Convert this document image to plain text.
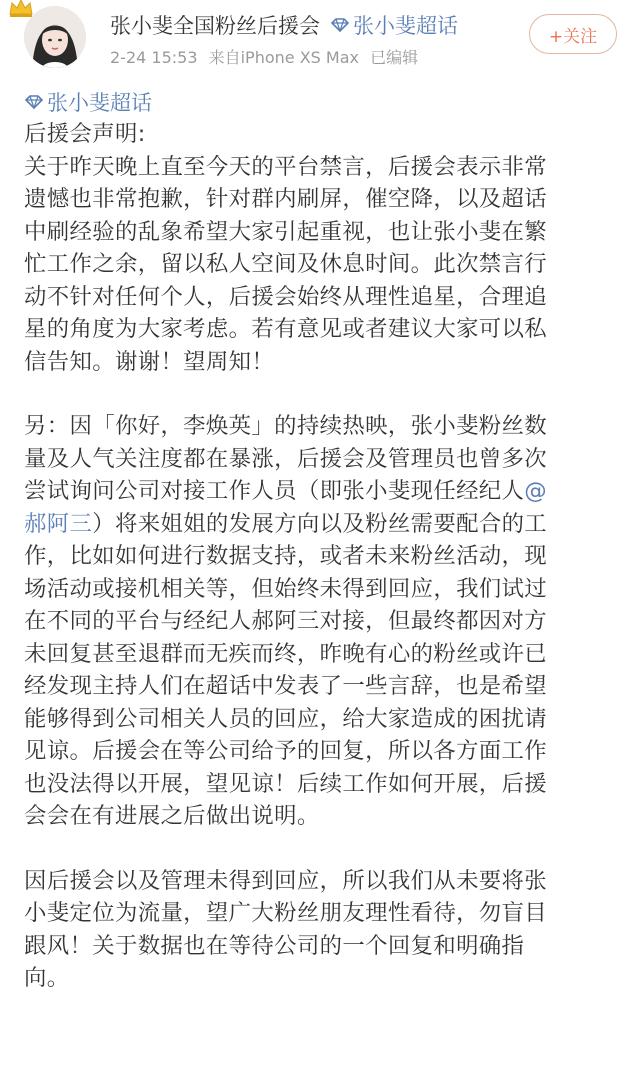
张小斐全国粉丝后援会 张小斐超话
2-24 15:53 来自iPhone XS Max 已编辑
+关注
张小斐超话
后援会声明:
关于昨天晚上直至今天的平台禁言，后援会表示非常
遗憾也非常抱歉，针对群内刷屏，催空降，以及超话
中刷经验的乱象希望大家引起重视，也让张小斐在繁
忙工作之余，留以私人空间及休息时间。此次禁言行
动不针对任何个人，后援会始终从理性追星，合理追
星的角度为大家考虑。若有意见或者建议大家可以私
信告知。谢谢！望周知！
另：因「你好，李焕英」的持续热映，张小斐粉丝数
量及人气关注度都在暴涨，后援会及管理员也曾多次
尝试询问公司对接工作人员（即张小斐现任经纪人@
郝阿三）将来姐姐的发展方向以及粉丝需要配合的工
作，比如如何进行数据支持，或者未来粉丝活动，现
场活动或接机相关等，但始终未得到回应，我们试过
在不同的平台与经纪人郝阿三对接，但最终都因对方
未回复甚至退群而无疾而终，昨晚有心的粉丝或许已
经发现主持人们在超话中发表了一些言辞，也是希望
能够得到公司相关人员的回应，给大家造成的困扰请
见谅。后援会在等公司给予的回复，所以各方面工作
也没法得以开展，望见谅！后续工作如何开展，后援
会会在有进展之后做出说明。
因后援会以及管理未得到回应，所以我们从未要将张
小斐定位为流量，望广大粉丝朋友理性看待，勿盲目
跟风！关于数据也在等待公司的一个回复和明确指
向。
